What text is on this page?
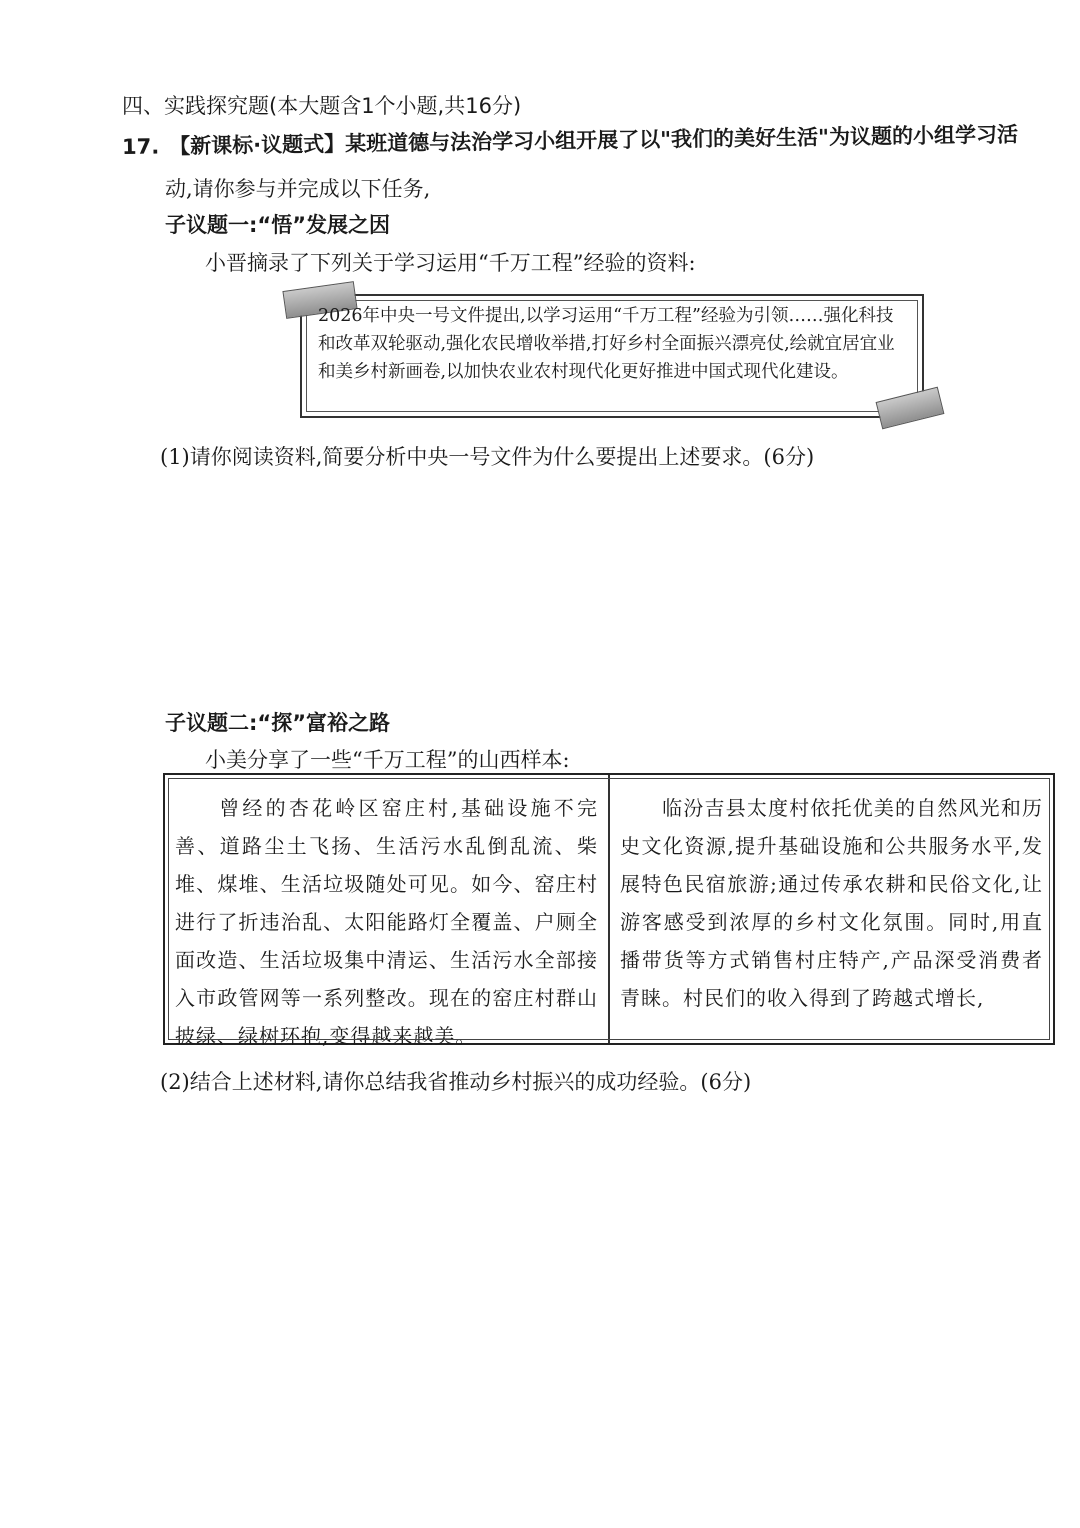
四、实践探究题(本大题含1个小题,共16分)

17. 【新课标·议题式】某班道德与法治学习小组开展了以"我们的美好生活"为议题的小组学习活

动,请你参与并完成以下任务,

子议题一:“悟”发展之因

小晋摘录了下列关于学习运用“千万工程”经验的资料:

2026年中央一号文件提出,以学习运用“千万工程”经验为引领……强化科技和改革双轮驱动,强化农民增收举措,打好乡村全面振兴漂亮仗,绘就宜居宜业和美乡村新画卷,以加快农业农村现代化更好推进中国式现代化建设。

(1)请你阅读资料,简要分析中央一号文件为什么要提出上述要求。(6分)

子议题二:“探”富裕之路

小美分享了一些“千万工程”的山西样本:

曾经的杏花岭区窑庄村,基础设施不完善、道路尘土飞扬、生活污水乱倒乱流、柴堆、煤堆、生活垃圾随处可见。如今、窑庄村进行了折违治乱、太阳能路灯全覆盖、户厕全面改造、生活垃圾集中清运、生活污水全部接入市政管网等一系列整改。现在的窑庄村群山披绿、绿树环抱,变得越来越美。
临汾吉县太度村依托优美的自然风光和历史文化资源,提升基础设施和公共服务水平,发展特色民宿旅游;通过传承农耕和民俗文化,让游客感受到浓厚的乡村文化氛围。同时,用直播带货等方式销售村庄特产,产品深受消费者青睐。村民们的收入得到了跨越式增长,

(2)结合上述材料,请你总结我省推动乡村振兴的成功经验。(6分)
